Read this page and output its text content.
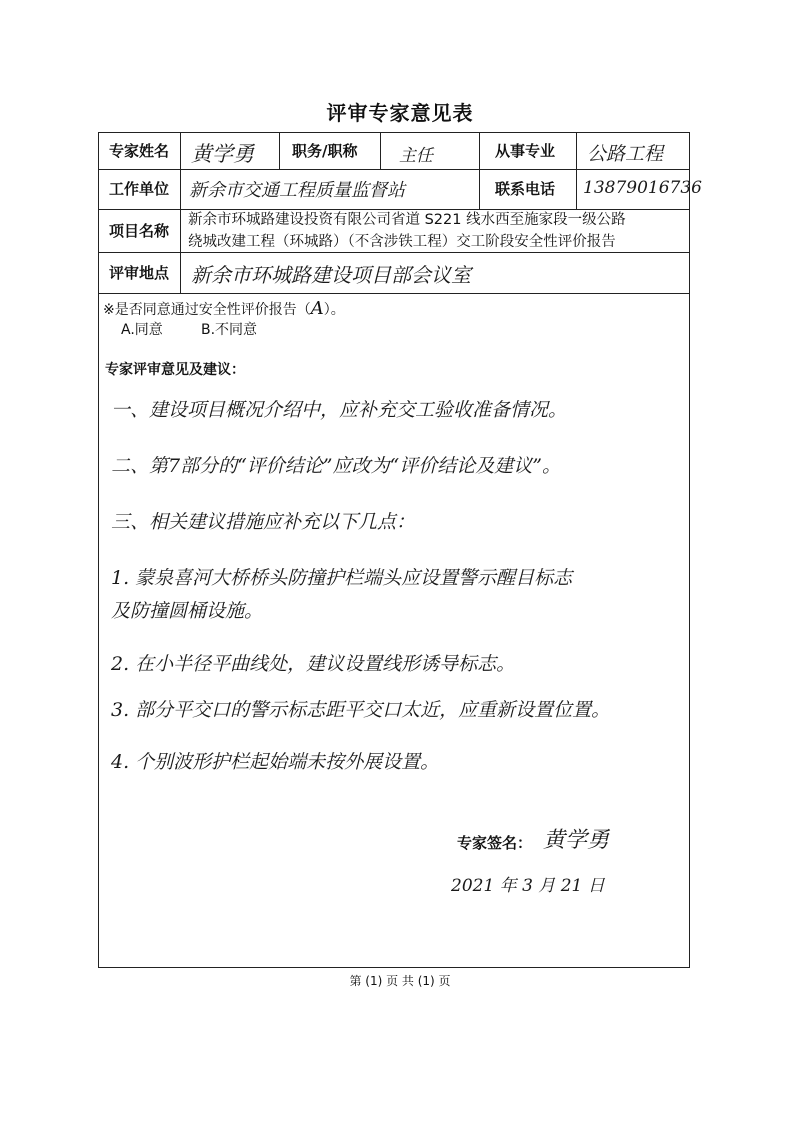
评审专家意见表
专家姓名 黄学勇	职务/职称 主任	从事专业 公路工程
工作单位 新余市交通工程质量监督站	联系电话 13879016736
项目名称
新余市环城路建设投资有限公司省道 S221 线水西至施家段一级公路
绕城改建工程（环城路）（不含涉铁工程）交工阶段安全性评价报告
评审地点 新余市环城路建设项目部会议室
※是否同意通过安全性评价报告（A）。
A.同意	B.不同意
专家评审意见及建议：
一、建设项目概况介绍中，应补充交工验收准备情况。
二、第7部分的“评价结论”应改为“评价结论及建议”。
三、相关建议措施应补充以下几点：
1. 蒙泉喜河大桥桥头防撞护栏端头应设置警示醒目标志
及防撞圆桶设施。
2. 在小半径平曲线处，建议设置线形诱导标志。
3. 部分平交口的警示标志距平交口太近，应重新设置位置。
4. 个别波形护栏起始端未按外展设置。
专家签名： 黄学勇
2021 年 3 月 21 日
第 (1) 页 共 (1) 页
